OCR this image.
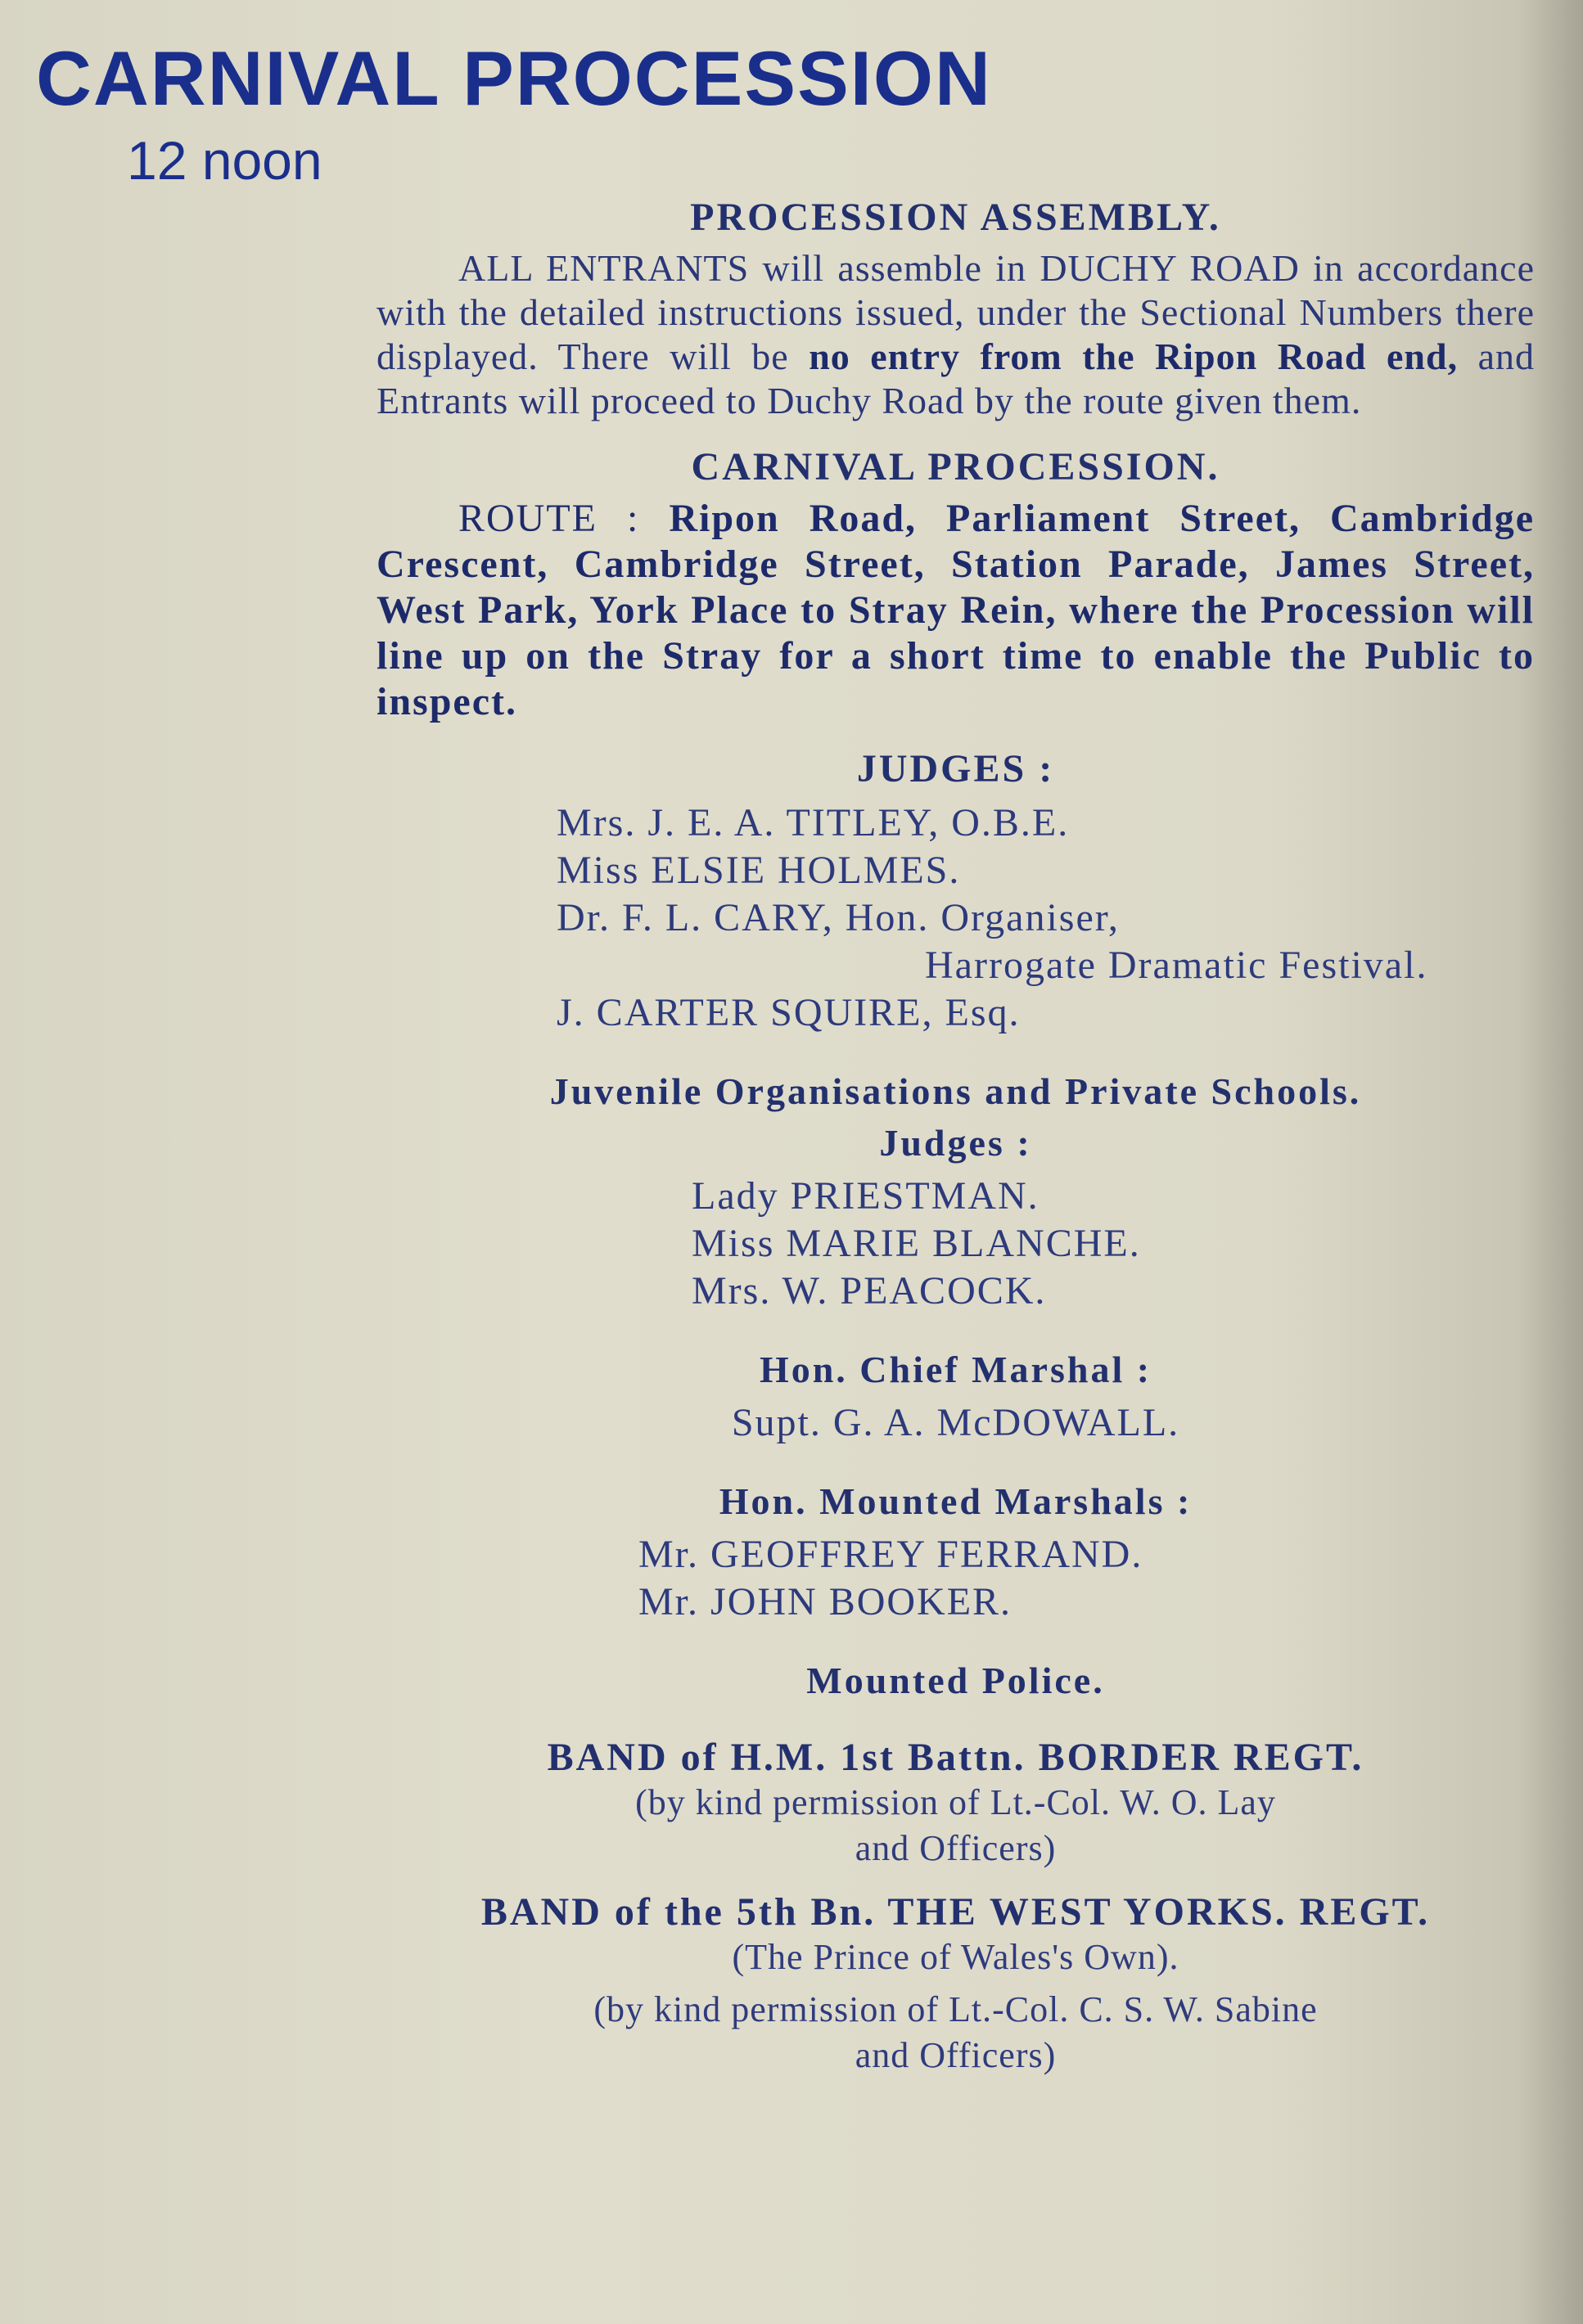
CARNIVAL PROCESSION
12 noon

PROCESSION ASSEMBLY.

ALL ENTRANTS will assemble in DUCHY ROAD in accordance with the detailed instructions issued, under the Sectional Numbers there displayed. There will be no entry from the Ripon Road end, and Entrants will proceed to Duchy Road by the route given them.

CARNIVAL PROCESSION.

ROUTE : Ripon Road, Parliament Street, Cambridge Crescent, Cambridge Street, Station Parade, James Street, West Park, York Place to Stray Rein, where the Procession will line up on the Stray for a short time to enable the Public to inspect.

JUDGES :

Mrs. J. E. A. TITLEY, O.B.E.
Miss ELSIE HOLMES.
Dr. F. L. CARY, Hon. Organiser,
Harrogate Dramatic Festival.
J. CARTER SQUIRE, Esq.

Juvenile Organisations and Private Schools.

Judges :

Lady PRIESTMAN.
Miss MARIE BLANCHE.
Mrs. W. PEACOCK.

Hon. Chief Marshal :

Supt. G. A. McDOWALL.

Hon. Mounted Marshals :

Mr. GEOFFREY FERRAND.
Mr. JOHN BOOKER.

Mounted Police.

BAND of H.M. 1st Battn. BORDER REGT.

(by kind permission of Lt.-Col. W. O. Lay
and Officers)

BAND of the 5th Bn. THE WEST YORKS. REGT.

(The Prince of Wales's Own).
(by kind permission of Lt.-Col. C. S. W. Sabine
and Officers)
